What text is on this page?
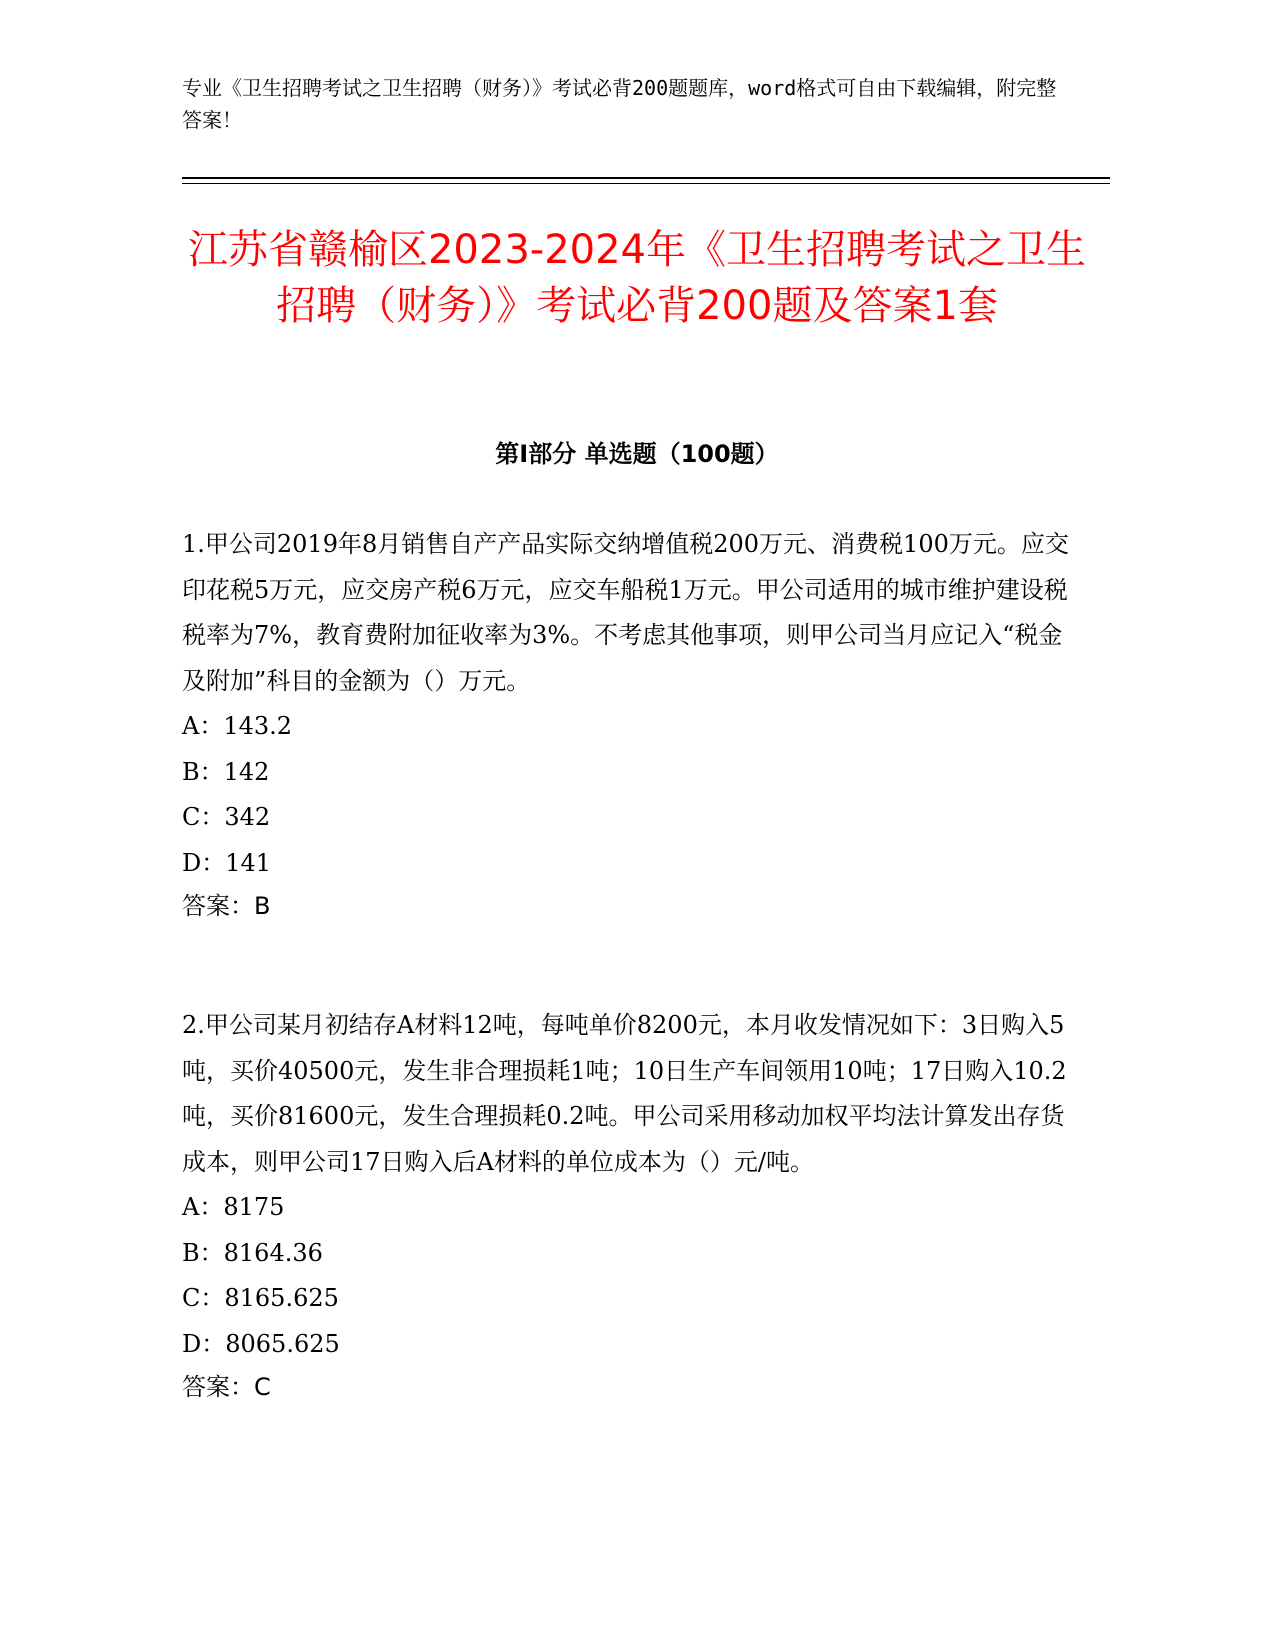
专业《卫生招聘考试之卫生招聘（财务）》考试必背200题题库，word格式可自由下载编辑，附完整答案！
江苏省赣榆区2023-2024年《卫生招聘考试之卫生招聘（财务）》考试必背200题及答案1套
第Ⅰ部分 单选题（100题）

1.甲公司2019年8月销售自产产品实际交纳增值税200万元、消费税100万元。应交印花税5万元，应交房产税6万元，应交车船税1万元。甲公司适用的城市维护建设税税率为7%，教育费附加征收率为3%。不考虑其他事项，则甲公司当月应记入“税金及附加”科目的金额为（）万元。

A：143.2

B：142

C：342

D：141

答案：B

2.甲公司某月初结存A材料12吨，每吨单价8200元，本月收发情况如下：3日购入5吨，买价40500元，发生非合理损耗1吨；10日生产车间领用10吨；17日购入10.2吨，买价81600元，发生合理损耗0.2吨。甲公司采用移动加权平均法计算发出存货成本，则甲公司17日购入后A材料的单位成本为（）元/吨。

A：8175

B：8164.36

C：8165.625

D：8065.625

答案：C
